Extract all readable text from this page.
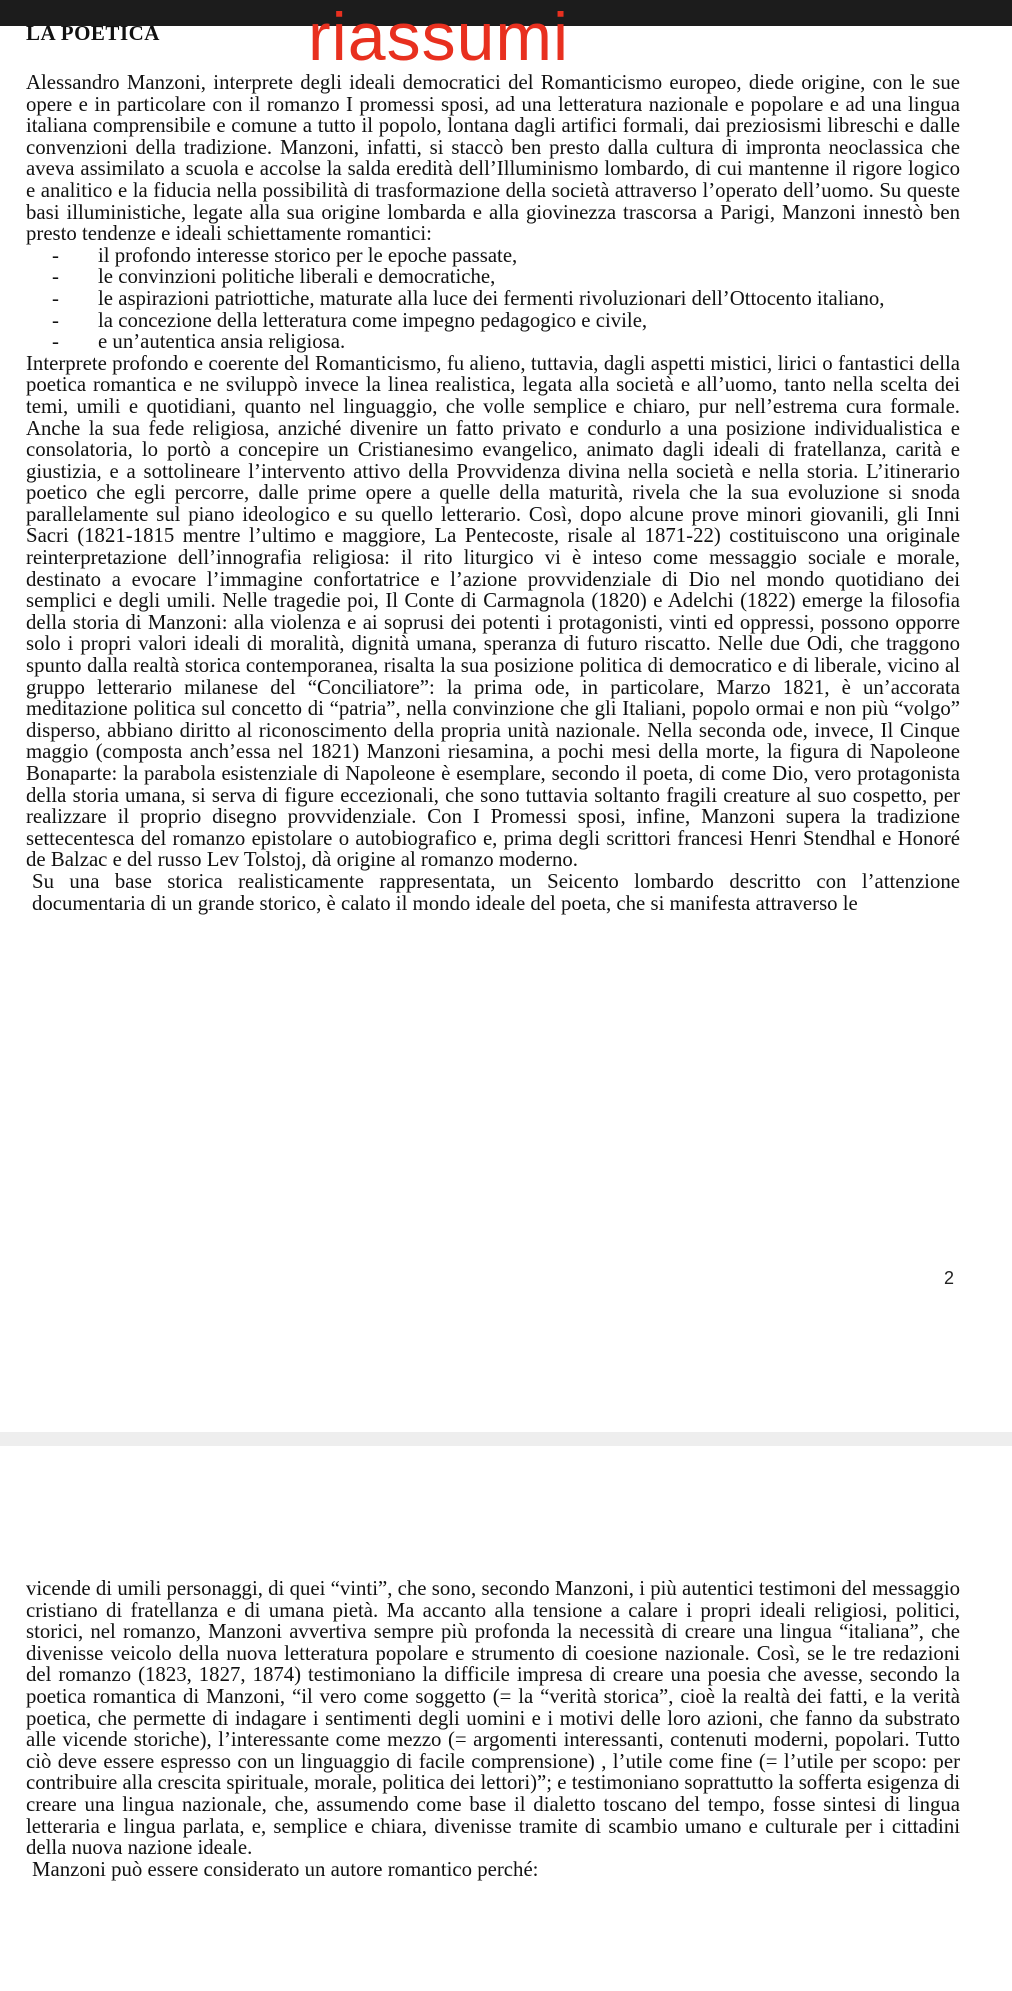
LA POETICA riassumi

Alessandro Manzoni, interprete degli ideali democratici del Romanticismo europeo, diede origine, con le sue opere e in particolare con il romanzo I promessi sposi, ad una letteratura nazionale e popolare e ad una lingua italiana comprensibile e comune a tutto il popolo, lontana dagli artifici formali, dai preziosismi libreschi e dalle convenzioni della tradizione. Manzoni, infatti, si staccò ben presto dalla cultura di impronta neoclassica che aveva assimilato a scuola e accolse la salda eredità dell’Illuminismo lombardo, di cui mantenne il rigore logico e analitico e la fiducia nella possibilità di trasformazione della società attraverso l’operato dell’uomo. Su queste basi illuministiche, legate alla sua origine lombarda e alla giovinezza trascorsa a Parigi, Manzoni innestò ben presto tendenze e ideali schiettamente romantici:

- il profondo interesse storico per le epoche passate,
- le convinzioni politiche liberali e democratiche,
- le aspirazioni patriottiche, maturate alla luce dei fermenti rivoluzionari dell’Ottocento italiano,
- la concezione della letteratura come impegno pedagogico e civile,
- e un’autentica ansia religiosa.

Interprete profondo e coerente del Romanticismo, fu alieno, tuttavia, dagli aspetti mistici, lirici o fantastici della poetica romantica e ne sviluppò invece la linea realistica, legata alla società e all’uomo, tanto nella scelta dei temi, umili e quotidiani, quanto nel linguaggio, che volle semplice e chiaro, pur nell’estrema cura formale. Anche la sua fede religiosa, anziché divenire un fatto privato e condurlo a una posizione individualistica e consolatoria, lo portò a concepire un Cristianesimo evangelico, animato dagli ideali di fratellanza, carità e giustizia, e a sottolineare l’intervento attivo della Provvidenza divina nella società e nella storia. L’itinerario poetico che egli percorre, dalle prime opere a quelle della maturità, rivela che la sua evoluzione si snoda parallelamente sul piano ideologico e su quello letterario. Così, dopo alcune prove minori giovanili, gli Inni Sacri (1821-1815 mentre l’ultimo e maggiore, La Pentecoste, risale al 1871-22) costituiscono una originale reinterpretazione dell’innografia religiosa: il rito liturgico vi è inteso come messaggio sociale e morale, destinato a evocare l’immagine confortatrice e l’azione provvidenziale di Dio nel mondo quotidiano dei semplici e degli umili. Nelle tragedie poi, Il Conte di Carmagnola (1820) e Adelchi (1822) emerge la filosofia della storia di Manzoni: alla violenza e ai soprusi dei potenti i protagonisti, vinti ed oppressi, possono opporre solo i propri valori ideali di moralità, dignità umana, speranza di futuro riscatto. Nelle due Odi, che traggono spunto dalla realtà storica contemporanea, risalta la sua posizione politica di democratico e di liberale, vicino al gruppo letterario milanese del “Conciliatore”: la prima ode, in particolare, Marzo 1821, è un’accorata meditazione politica sul concetto di “patria”, nella convinzione che gli Italiani, popolo ormai e non più “volgo” disperso, abbiano diritto al riconoscimento della propria unità nazionale. Nella seconda ode, invece, Il Cinque maggio (composta anch’essa nel 1821) Manzoni riesamina, a pochi mesi della morte, la figura di Napoleone Bonaparte: la parabola esistenziale di Napoleone è esemplare, secondo il poeta, di come Dio, vero protagonista della storia umana, si serva di figure eccezionali, che sono tuttavia soltanto fragili creature al suo cospetto, per realizzare il proprio disegno provvidenziale. Con I Promessi sposi, infine, Manzoni supera la tradizione settecentesca del romanzo epistolare o autobiografico e, prima degli scrittori francesi Henri Stendhal e Honoré de Balzac e del russo Lev Tolstoj, dà origine al romanzo moderno.

Su una base storica realisticamente rappresentata, un Seicento lombardo descritto con l’attenzione documentaria di un grande storico, è calato il mondo ideale del poeta, che si manifesta attraverso le

2

vicende di umili personaggi, di quei “vinti”, che sono, secondo Manzoni, i più autentici testimoni del messaggio cristiano di fratellanza e di umana pietà. Ma accanto alla tensione a calare i propri ideali religiosi, politici, storici, nel romanzo, Manzoni avvertiva sempre più profonda la necessità di creare una lingua “italiana”, che divenisse veicolo della nuova letteratura popolare e strumento di coesione nazionale. Così, se le tre redazioni del romanzo (1823, 1827, 1874) testimoniano la difficile impresa di creare una poesia che avesse, secondo la poetica romantica di Manzoni, “il vero come soggetto (= la “verità storica”, cioè la realtà dei fatti, e la verità poetica, che permette di indagare i sentimenti degli uomini e i motivi delle loro azioni, che fanno da substrato alle vicende storiche), l’interessante come mezzo (= argomenti interessanti, contenuti moderni, popolari. Tutto ciò deve essere espresso con un linguaggio di facile comprensione) , l’utile come fine (= l’utile per scopo: per contribuire alla crescita spirituale, morale, politica dei lettori)”; e testimoniano soprattutto la sofferta esigenza di creare una lingua nazionale, che, assumendo come base il dialetto toscano del tempo, fosse sintesi di lingua letteraria e lingua parlata, e, semplice e chiara, divenisse tramite di scambio umano e culturale per i cittadini della nuova nazione ideale.

Manzoni può essere considerato un autore romantico perché:
